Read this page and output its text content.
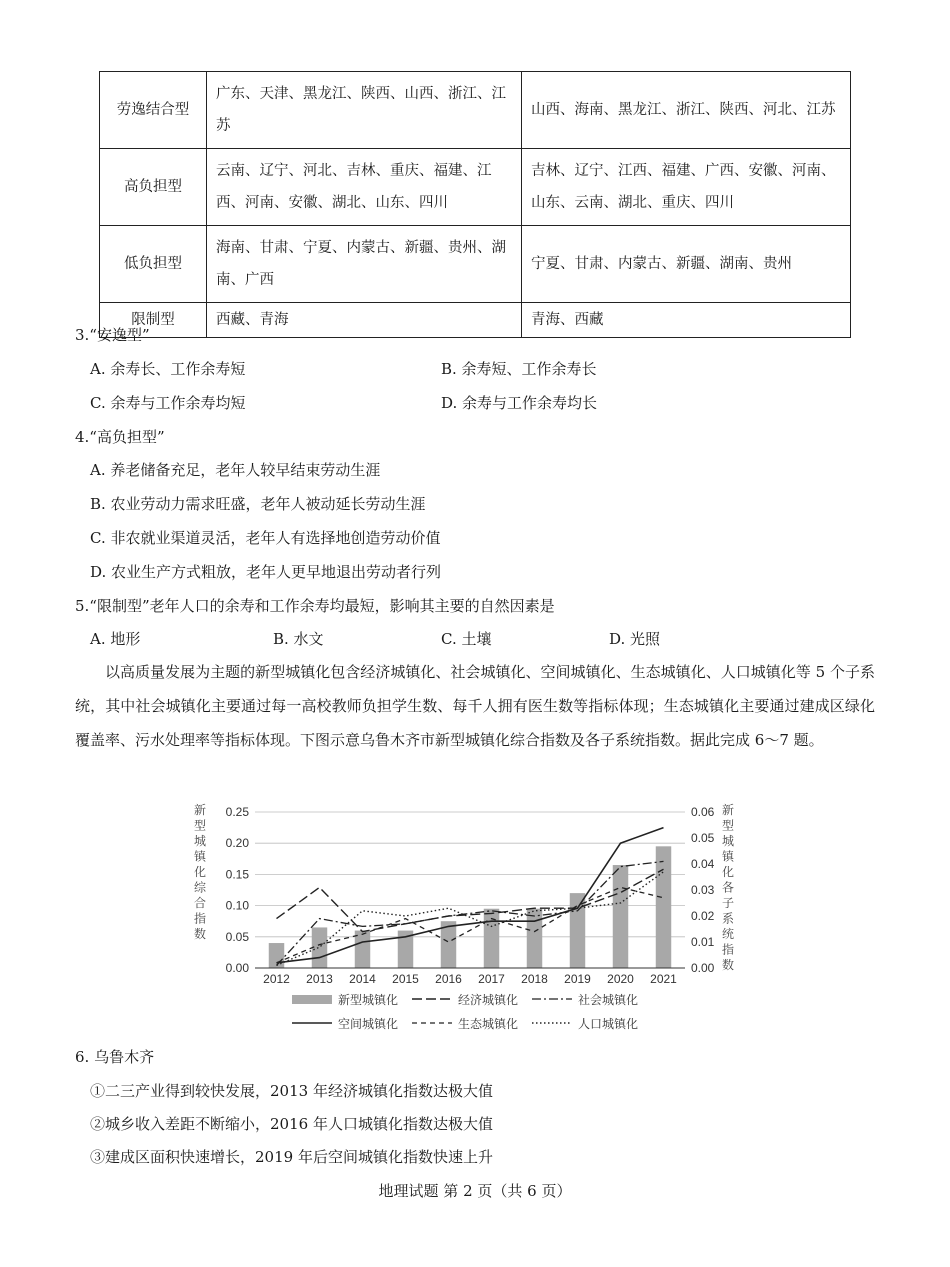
劳逸结合型	广东、天津、黑龙江、陕西、山西、浙江、江苏	山西、海南、黑龙江、浙江、陕西、河北、江苏
高负担型	云南、辽宁、河北、吉林、重庆、福建、江西、河南、安徽、湖北、山东、四川	吉林、辽宁、江西、福建、广西、安徽、河南、山东、云南、湖北、重庆、四川
低负担型	海南、甘肃、宁夏、内蒙古、新疆、贵州、湖南、广西	宁夏、甘肃、内蒙古、新疆、湖南、贵州
限制型	西藏、青海	青海、西藏
3.“安逸型”
A. 余寿长、工作余寿短	B. 余寿短、工作余寿长
C. 余寿与工作余寿均短	D. 余寿与工作余寿均长
4.“高负担型”
A. 养老储备充足，老年人较早结束劳动生涯
B. 农业劳动力需求旺盛，老年人被动延长劳动生涯
C. 非农就业渠道灵活，老年人有选择地创造劳动价值
D. 农业生产方式粗放，老年人更早地退出劳动者行列
5.“限制型”老年人口的余寿和工作余寿均最短，影响其主要的自然因素是
A. 地形	B. 水文	C. 土壤	D. 光照
以高质量发展为主题的新型城镇化包含经济城镇化、社会城镇化、空间城镇化、生态城镇化、人口城镇化等 5 个子系统，其中社会城镇化主要通过每一高校教师负担学生数、每千人拥有医生数等指标体现；生态城镇化主要通过建成区绿化覆盖率、污水处理率等指标体现。下图示意乌鲁木齐市新型城镇化综合指数及各子系统指数。据此完成 6～7 题。
0.00
0.05
0.10
0.15
0.20
0.25
0.00
0.01
0.02
0.03
0.04
0.05
0.06
新
型
城
镇
化
综
合
指
数
新
型
城
镇
化
各
子
系
统
指
数
2012 2013 2014 2015 2016 2017 2018 2019 2020 2021
新型城镇化	经济城镇化	社会城镇化
空间城镇化	生态城镇化	人口城镇化
6. 乌鲁木齐
①二三产业得到较快发展，2013 年经济城镇化指数达极大值
②城乡收入差距不断缩小，2016 年人口城镇化指数达极大值
③建成区面积快速增长，2019 年后空间城镇化指数快速上升
地理试题 第 2 页（共 6 页）
